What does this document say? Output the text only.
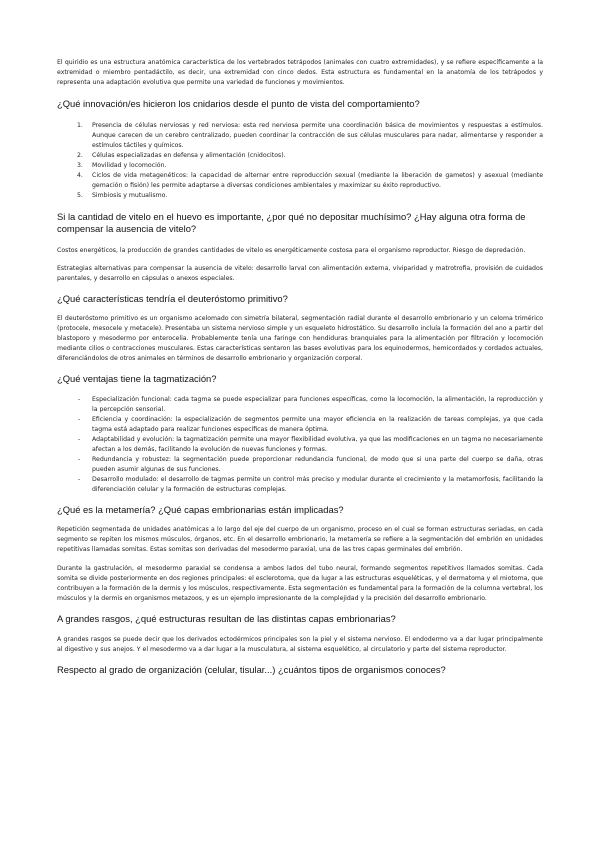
El quiridio es una estructura anatómica característica de los vertebrados tetrápodos (animales con cuatro extremidades), y se refiere específicamente a la extremidad o miembro pentadáctilo, es decir, una extremidad con cinco dedos. Esta estructura es fundamental en la anatomía de los tetrápodos y representa una adaptación evolutiva que permite una variedad de funciones y movimientos.

¿Qué innovación/es hicieron los cnidarios desde el punto de vista del comportamiento?

1. Presencia de células nerviosas y red nerviosa: esta red nerviosa permite una coordinación básica de movimientos y respuestas a estímulos. Aunque carecen de un cerebro centralizado, pueden coordinar la contracción de sus células musculares para nadar, alimentarse y responder a estímulos táctiles y químicos.
2. Células especializadas en defensa y alimentación (cnidocitos).
3. Movilidad y locomoción.
4. Ciclos de vida metagenéticos: la capacidad de alternar entre reproducción sexual (mediante la liberación de gametos) y asexual (mediante gemación o fisión) les permite adaptarse a diversas condiciones ambientales y maximizar su éxito reproductivo.
5. Simbiosis y mutualismo.

Si la cantidad de vitelo en el huevo es importante, ¿por qué no depositar muchísimo? ¿Hay alguna otra forma de compensar la ausencia de vitelo?

Costos energéticos, la producción de grandes cantidades de vitelo es energéticamente costosa para el organismo reproductor. Riesgo de depredación.

Estrategias alternativas para compensar la ausencia de vitelo: desarrollo larval con alimentación externa, viviparidad y matrotrofia, provisión de cuidados parentales, y desarrollo en cápsulas o anexos especiales.

¿Qué características tendría el deuteróstomo primitivo?

El deuteróstomo primitivo es un organismo acelomado con simetría bilateral, segmentación radial durante el desarrollo embrionario y un celoma trimérico (protocele, mesocele y metacele). Presentaba un sistema nervioso simple y un esqueleto hidrostático. Su desarrollo incluía la formación del ano a partir del blastoporo y mesodermo por enterocelia. Probablemente tenía una faringe con hendiduras branquiales para la alimentación por filtración y locomoción mediante cilios o contracciones musculares. Estas características sentaron las bases evolutivas para los equinodermos, hemicordados y cordados actuales, diferenciándolos de otros animales en términos de desarrollo embrionario y organización corporal.

¿Qué ventajas tiene la tagmatización?

- Especialización funcional: cada tagma se puede especializar para funciones específicas, como la locomoción, la alimentación, la reproducción y la percepción sensorial.
- Eficiencia y coordinación: la especialización de segmentos permite una mayor eficiencia en la realización de tareas complejas, ya que cada tagma está adaptado para realizar funciones específicas de manera óptima.
- Adaptabilidad y evolución: la tagmatización permite una mayor flexibilidad evolutiva, ya que las modificaciones en un tagma no necesariamente afectan a los demás, facilitando la evolución de nuevas funciones y formas.
- Redundancia y robustez: la segmentación puede proporcionar redundancia funcional, de modo que si una parte del cuerpo se daña, otras pueden asumir algunas de sus funciones.
- Desarrollo modulado: el desarrollo de tagmas permite un control más preciso y modular durante el crecimiento y la metamorfosis, facilitando la diferenciación celular y la formación de estructuras complejas.

¿Qué es la metamería? ¿Qué capas embrionarias están implicadas?

Repetición segmentada de unidades anatómicas a lo largo del eje del cuerpo de un organismo, proceso en el cual se forman estructuras seriadas, en cada segmento se repiten los mismos músculos, órganos, etc. En el desarrollo embrionario, la metamería se refiere a la segmentación del embrión en unidades repetitivas llamadas somitas. Estas somitas son derivadas del mesodermo paraxial, una de las tres capas germinales del embrión.

Durante la gastrulación, el mesodermo paraxial se condensa a ambos lados del tubo neural, formando segmentos repetitivos llamados somitas. Cada somita se divide posteriormente en dos regiones principales: el esclerotoma, que da lugar a las estructuras esqueléticas, y el dermatoma y el miotoma, que contribuyen a la formación de la dermis y los músculos, respectivamente. Esta segmentación es fundamental para la formación de la columna vertebral, los músculos y la dermis en organismos metazoos, y es un ejemplo impresionante de la complejidad y la precisión del desarrollo embrionario.

A grandes rasgos, ¿qué estructuras resultan de las distintas capas embrionarias?

A grandes rasgos se puede decir que los derivados ectodérmicos principales son la piel y el sistema nervioso. El endodermo va a dar lugar principalmente al digestivo y sus anejos. Y el mesodermo va a dar lugar a la musculatura, al sistema esquelético, al circulatorio y parte del sistema reproductor.

Respecto al grado de organización (celular, tisular...) ¿cuántos tipos de organismos conoces?
